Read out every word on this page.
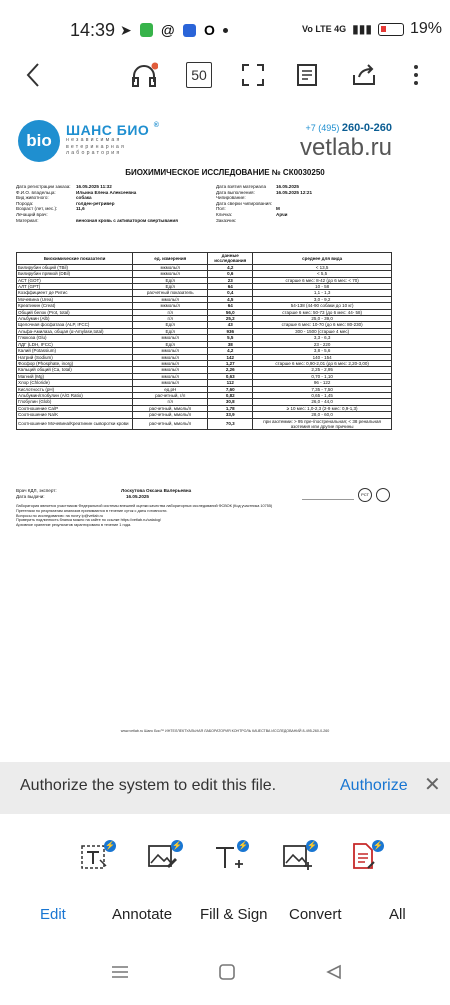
14:39 ➤ @ O	Vo LTE 4G ▮▮▮ 19%
50
bio
ШАНС БИО ®
независимая
ветеринарная
лаборатория
+7 (495) 260-0-260
vetlab.ru
БИОХИМИЧЕСКОЕ ИССЛЕДОВАНИЕ № СК0030250
Дата регистрации заказа:	16.05.2025 11:32
Ф.И.О. владельца:	Ильина Елена Алексеевна
Вид животного:	собака
Порода:	голден-ретривер
Возраст (лет, мес.):	11,6
Лечащий врач:
Материал:	венозная кровь с активатором свертывания
Дата взятия материала	16.05.2025
Дата выполнения:	16.05.2025 12:21
Чипирование:
Дата сверки чипирования:
Пол:	М
Кличка:	Арчи
Заказчик:
Биохимические показатели	ед. измерения	данные исследования	среднее для вида
Билирубин общий (TBil)	мкмоль/л	4,2	< 13,5
Билирубин прямой (DBil)	мкмоль/л	0,6	< 5,5
АСТ (GOT)	Ед/л	23	старше 6 мес: 8-42 (до 6 мес: < 70)
АЛТ (GPT)	Ед/л	64	10 - 58
Коэффициент де Ритис	расчетный показатель	0,4	1,1 - 1,3
Мочевина (Urea)	ммоль/л	4,5	3,0 - 9,2
Креатинин (Creat)	мкмоль/л	64	54-138 (44-90 собаки до 10 кг)
Общий белок (Prot, total)	г/л	56,0	старше 6 мес: 50-73 (до 6 мес: 44- 58)
Альбумин (Alb)	г/л	25,2	25,0 - 39,0
Щелочная фосфатаза (ALP, IFCC)	Ед/л	43	старше 6 мес: 10-70 (до 6 мес: 80-230)
Альфа-Амилаза, общая (α-Amylase,total)	Ед/л	936	300 - 1500 (старше 4 мес)
Глюкоза (Glu)	ммоль/л	5,5	3,3 - 6,3
ЛДГ (LDH, IFCC)	Ед/л	38	23 - 220
Калий (Potassium)	ммоль/л	4,2	3,8 - 5,6
Натрий (Sodium)	ммоль/л	142	140 - 154
Фосфор (Phosphate, inorg)	ммоль/л	1,27	старше 6 мес: 0,90-2,01 (до 6 мес: 2,20-3,00)
Кальций общий (Ca, total)	ммоль/л	2,26	2,25 - 2,95
Магний (Mg)	ммоль/л	0,63	0,70 - 1,10
Хлор (Chloride)	ммоль/л	112	96 - 122
Кислотность (pH)	ед.рН	7,60	7,35 - 7,50
Альбумин/глобулин (A/G Ratio)	расчетный, г/л	0,82	0,65 - 1,45
Глобулин (Glob)	г/л	30,8	26,0 - 44,0
Соотношение Ca/P	расчетный, ммоль/л	1,78	≥ 10 мес: 1,0-2,3 (2-9 мес: 0,9-1,3)
Соотношение Na/K	расчетный, ммоль/л	33,9	28,0 - 60,0
Соотношение Мочевина/Креатинин сыворотки крови	расчетный, ммоль/л	70,3	при азотемии: > 95 пре-/постренальная; < 38 ренальная азотемия или другие причины
Врач КДЛ, эксперт:	Лоскутова Оксана Валерьевна
Дата выдачи:	16.05.2025	РСТ
Лаборатория является участником Федеральной системы внешней оценки качества лабораторных исследований ФСВОК (Код участника 10755)
Претензии по результатам анализов принимаются в течение суток с даты готовности.
Вопросы по исследованию: на почту ip@vetlab.ru
Проверить подлинность бланка можно на сайте по ссылке https://vetlab.ru/catalog/
Архивное хранение результатов гарантировано в течение 1 года.
www.vetlab.ru Шанс Био™ ИНТЕЛЛЕКТУАЛЬНАЯ ЛАБОРАТОРИЯ КОНТРОЛЬ КАЧЕСТВА ИССЛЕДОВАНИЙ 8-495-260-0-260
Authorize the system to edit this file.	Authorize ✕
⚡	⚡	⚡	⚡	⚡
Edit	Annotate Fill & Sign Convert	All
